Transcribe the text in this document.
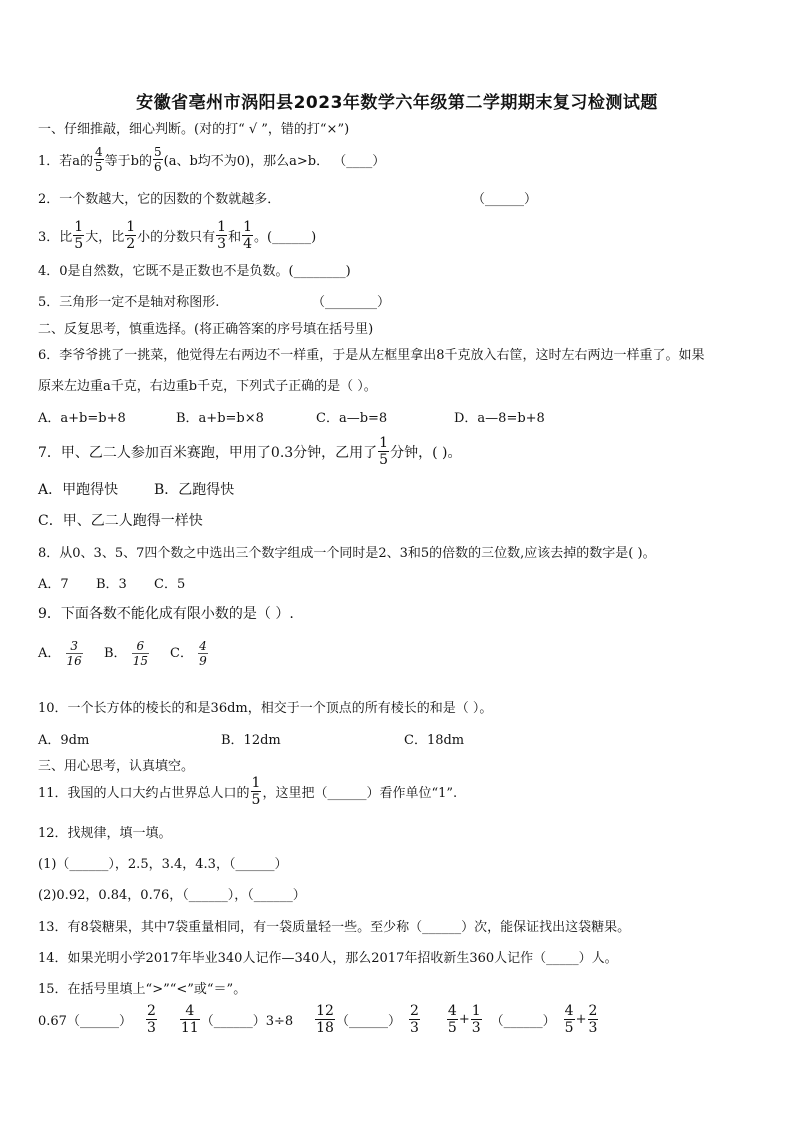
安徽省亳州市涡阳县2023年数学六年级第二学期期末复习检测试题
一、仔细推敲，细心判断。(对的打“ √ ”，错的打“×”)
1．若a的 $\frac{4}{5}$ 等于b的 $\frac{5}{6} (a$、b均不为0)，那么a>b． （____）
2．一个数越大，它的因数的个数就越多．	（______）
3．比 $\frac{1}{5}$ 大，比 $\frac{1}{2}$ 小的分数只有 $\frac{1}{3}$ 和 $\frac{1}{4}$ 。(______)
4．0是自然数，它既不是正数也不是负数。(________)
5．三角形一定不是轴对称图形.	（________）
二、反复思考，慎重选择。(将正确答案的序号填在括号里)
6．李爷爷挑了一挑菜，他觉得左右两边不一样重，于是从左框里拿出8千克放入右筐，这时左右两边一样重了。如果
原来左边重a千克，右边重b千克，下列式子正确的是（ ）。
A．a+b=b+8	B．a+b=b×8	C．a—b=8	D．a—8=b+8
7．甲、乙二人参加百米赛跑，甲用了0.3分钟，乙用了 $\frac{1}{5}$ 分钟，( )。
A．甲跑得快	B．乙跑得快
C．甲、乙二人跑得一样快
8．从0、3、5、7四个数之中选出三个数字组成一个同时是2、3和5的倍数的三位数,应该去掉的数字是( )。
A．7	B．3	C．5
9．下面各数不能化成有限小数的是（ ）.
A． $\frac{3}{16}$ B． $\frac{6}{15}$ C． $\frac{4}{9}$
10．一个长方体的棱长的和是36dm，相交于一个顶点的所有棱长的和是（ ）。
A．9dm	B．12dm	C．18dm
三、用心思考，认真填空。
11．我国的人口大约占世界总人口的 $\frac{1}{5}$ ，这里把（______）看作单位“1”.
12．找规律，填一填。
(1)（______），2.5，3.4，4.3，（______）
(2)0.92，0.84，0.76，（______），（______）
13．有8袋糖果，其中7袋重量相同，有一袋质量轻一些。至少称（______）次，能保证找出这袋糖果。
14．如果光明小学2017年毕业340人记作—340人，那么2017年招收新生360人记作（_____）人。
15．在括号里填上“>”“<”或“＝”。
0.67（______） $\frac{2}{3} \frac{4}{11}$ （______）3÷8 $\frac{12}{18}$ （______） $\frac{2}{3} \frac{4}{5} + \frac{1}{3}$ （______） $\frac{4}{5} + \frac{2}{3}$
